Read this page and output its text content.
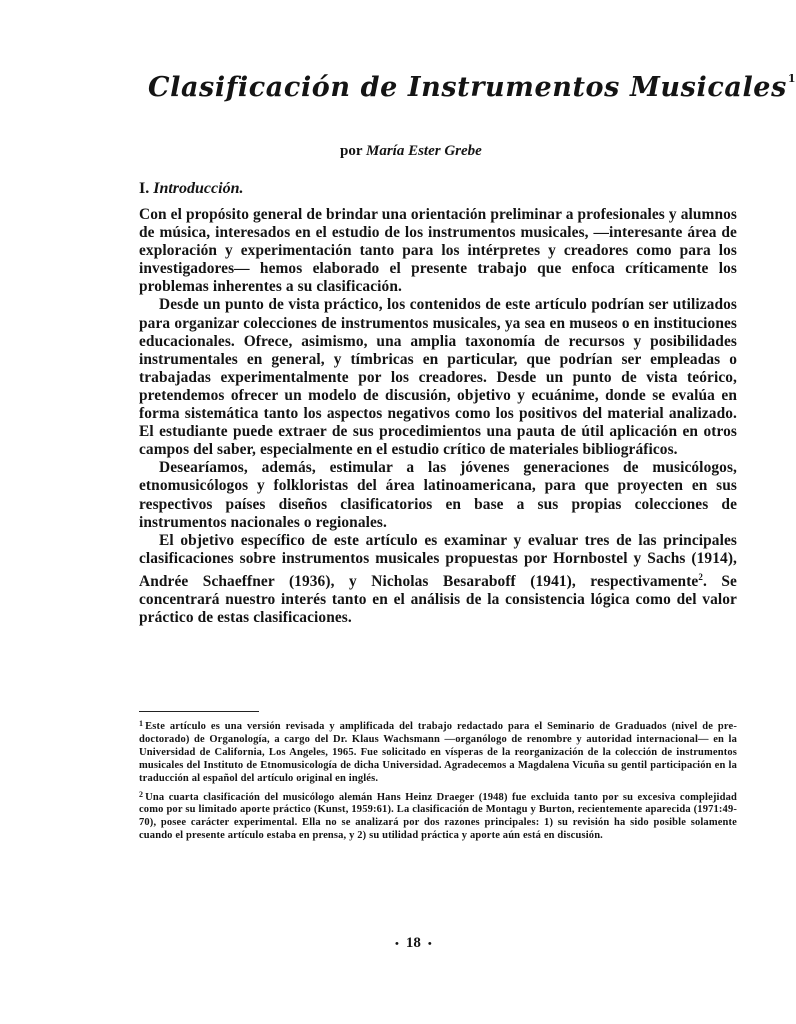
Clasificación de Instrumentos Musicales$^1$
por María Ester Grebe
I. Introducción.

Con el propósito general de brindar una orientación preliminar a profesionales y alumnos de música, interesados en el estudio de los instrumentos musicales, —interesante área de exploración y experimentación tanto para los intérpretes y creadores como para los investigadores— hemos elaborado el presente trabajo que enfoca críticamente los problemas inherentes a su clasificación.

Desde un punto de vista práctico, los contenidos de este artículo podrían ser utilizados para organizar colecciones de instrumentos musicales, ya sea en museos o en instituciones educacionales. Ofrece, asimismo, una amplia taxonomía de recursos y posibilidades instrumentales en general, y tímbricas en particular, que podrían ser empleadas o trabajadas experimentalmente por los creadores. Desde un punto de vista teórico, pretendemos ofrecer un modelo de discusión, objetivo y ecuánime, donde se evalúa en forma sistemática tanto los aspectos negativos como los positivos del material analizado. El estudiante puede extraer de sus procedimientos una pauta de útil aplicación en otros campos del saber, especialmente en el estudio crítico de materiales bibliográficos.

Desearíamos, además, estimular a las jóvenes generaciones de musicólogos, etnomusicólogos y folkloristas del área latinoamericana, para que proyecten en sus respectivos países diseños clasificatorios en base a sus propias colecciones de instrumentos nacionales o regionales.

El objetivo específico de este artículo es examinar y evaluar tres de las principales clasificaciones sobre instrumentos musicales propuestas por Hornbostel y Sachs (1914), Andrée Schaeffner (1936), y Nicholas Besaraboff (1941), respectivamente$^2$. Se concentrará nuestro interés tanto en el análisis de la consistencia lógica como del valor práctico de estas clasificaciones.

$^1$ Este artículo es una versión revisada y amplificada del trabajo redactado para el Seminario de Graduados (nivel de pre-doctorado) de Organología, a cargo del Dr. Klaus Wachsmann —organólogo de renombre y autoridad internacional— en la Universidad de California, Los Angeles, 1965. Fue solicitado en vísperas de la reorganización de la colección de instrumentos musicales del Instituto de Etnomusicología de dicha Universidad. Agradecemos a Magdalena Vicuña su gentil participación en la traducción al español del artículo original en inglés.

$^2$ Una cuarta clasificación del musicólogo alemán Hans Heinz Draeger (1948) fue excluida tanto por su excesiva complejidad como por su limitado aporte práctico (Kunst, 1959:61). La clasificación de Montagu y Burton, recientemente aparecida (1971:49-70), posee carácter experimental. Ella no se analizará por dos razones principales: 1) su revisión ha sido posible solamente cuando el presente artículo estaba en prensa, y 2) su utilidad práctica y aporte aún está en discusión.

• 18 •
